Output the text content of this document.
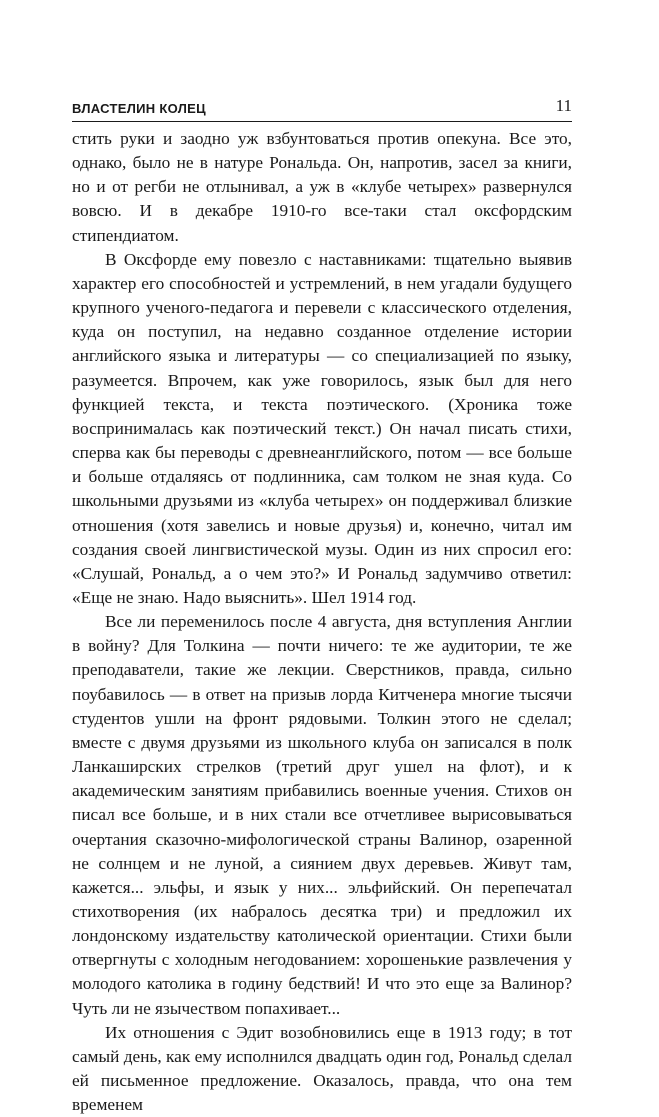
ВЛАСТЕЛИН КОЛЕЦ	11

стить руки и заодно уж взбунтоваться против опекуна. Все это, однако, было не в натуре Рональда. Он, напротив, засел за книги, но и от регби не отлынивал, а уж в «клубе четырех» развернулся вовсю. И в декабре 1910-го все-таки стал оксфордским стипендиатом.

В Оксфорде ему повезло с наставниками: тщательно выявив характер его способностей и устремлений, в нем угадали будущего крупного ученого-педагога и перевели с классического отделения, куда он поступил, на недавно созданное отделение истории английского языка и литературы — со специализацией по языку, разумеется. Впрочем, как уже говорилось, язык был для него функцией текста, и текста поэтического. (Хроника тоже воспринималась как поэтический текст.) Он начал писать стихи, сперва как бы переводы с древнеанглийского, потом — все больше и больше отдаляясь от подлинника, сам толком не зная куда. Со школьными друзьями из «клуба четырех» он поддерживал близкие отношения (хотя завелись и новые друзья) и, конечно, читал им создания своей лингвистической музы. Один из них спросил его: «Слушай, Рональд, а о чем это?» И Рональд задумчиво ответил: «Еще не знаю. Надо выяснить». Шел 1914 год.

Все ли переменилось после 4 августа, дня вступления Англии в войну? Для Толкина — почти ничего: те же аудитории, те же преподаватели, такие же лекции. Сверстников, правда, сильно поубавилось — в ответ на призыв лорда Китченера многие тысячи студентов ушли на фронт рядовыми. Толкин этого не сделал; вместе с двумя друзьями из школьного клуба он записался в полк Ланкаширских стрелков (третий друг ушел на флот), и к академическим занятиям прибавились военные учения. Стихов он писал все больше, и в них стали все отчетливее вырисовываться очертания сказочно-мифологической страны Валинор, озаренной не солнцем и не луной, а сиянием двух деревьев. Живут там, кажется... эльфы, и язык у них... эльфийский. Он перепечатал стихотворения (их набралось десятка три) и предложил их лондонскому издательству католической ориентации. Стихи были отвергнуты с холодным негодованием: хорошенькие развлечения у молодого католика в годину бедствий! И что это еще за Валинор? Чуть ли не язычеством попахивает...

Их отношения с Эдит возобновились еще в 1913 году; в тот самый день, как ему исполнился двадцать один год, Рональд сделал ей письменное предложение. Оказалось, правда, что она тем временем
